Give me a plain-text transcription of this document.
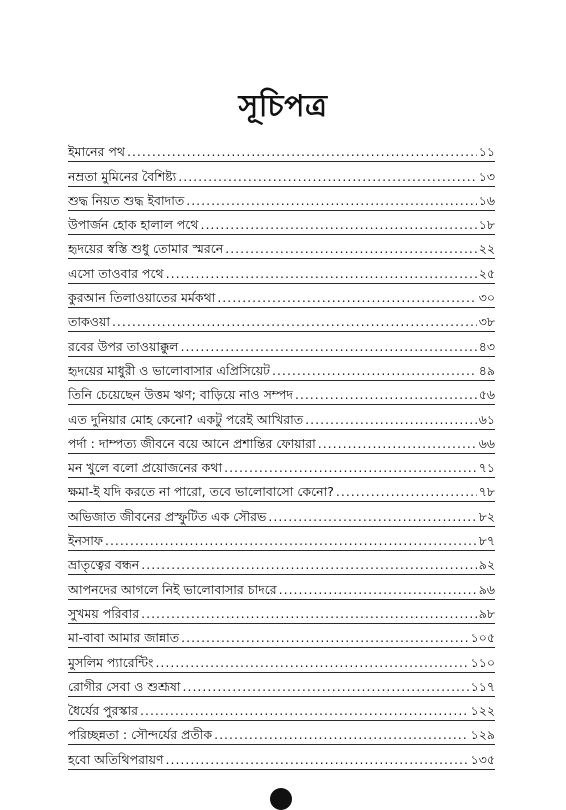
সূচিপত্র
ইমানের পথ .....	১১
নম্রতা মুমিনের বৈশিষ্ট্য .....	১৩
শুদ্ধ নিয়ত শুদ্ধ ইবাদাত .....	১৬
উপার্জন হোক হালাল পথে .....	১৮
হৃদয়ের স্বস্তি শুধু তোমার স্মরনে .....	২২
এসো তাওবার পথে .....	২৫
কুরআন তিলাওয়াতের মর্মকথা .....	৩০
তাকওয়া .....	৩৮
রবের উপর তাওয়াক্কুল .....	৪৩
হৃদয়ের মাধুরী ও ভালোবাসার এপ্রিসিয়েট .....	৪৯
তিনি চেয়েছেন উত্তম ঋণ; বাড়িয়ে নাও সম্পদ .....	৫৬
এত দুনিয়ার মোহ কেনো? একটু পরেই আখিরাত .....	৬১
পর্দা : দাম্পত্য জীবনে বয়ে আনে প্রশান্তির ফোয়ারা .....	৬৬
মন খুলে বলো প্রয়োজনের কথা .....	৭১
ক্ষমা-ই যদি করতে না পারো, তবে ভালোবাসো কেনো? .....	৭৮
অভিজাত জীবনের প্রস্ফুটিত এক সৌরভ .....	৮২
ইনসাফ .....	৮৭
ভ্রাতৃত্বের বন্ধন .....	৯২
আপনদের আগলে নিই ভালোবাসার চাদরে .....	৯৬
সুখময় পরিবার .....	৯৮
মা-বাবা আমার জান্নাত .....	১০৫
মুসলিম প্যারেন্টিং .....	১১০
রোগীর সেবা ও শুশ্রূষা .....	১১৭
ধৈর্যের পুরস্কার .....	১২২
পরিচ্ছন্নতা : সৌন্দর্যের প্রতীক .....	১২৯
হবো অতিথিপরায়ণ .....	১৩৫
